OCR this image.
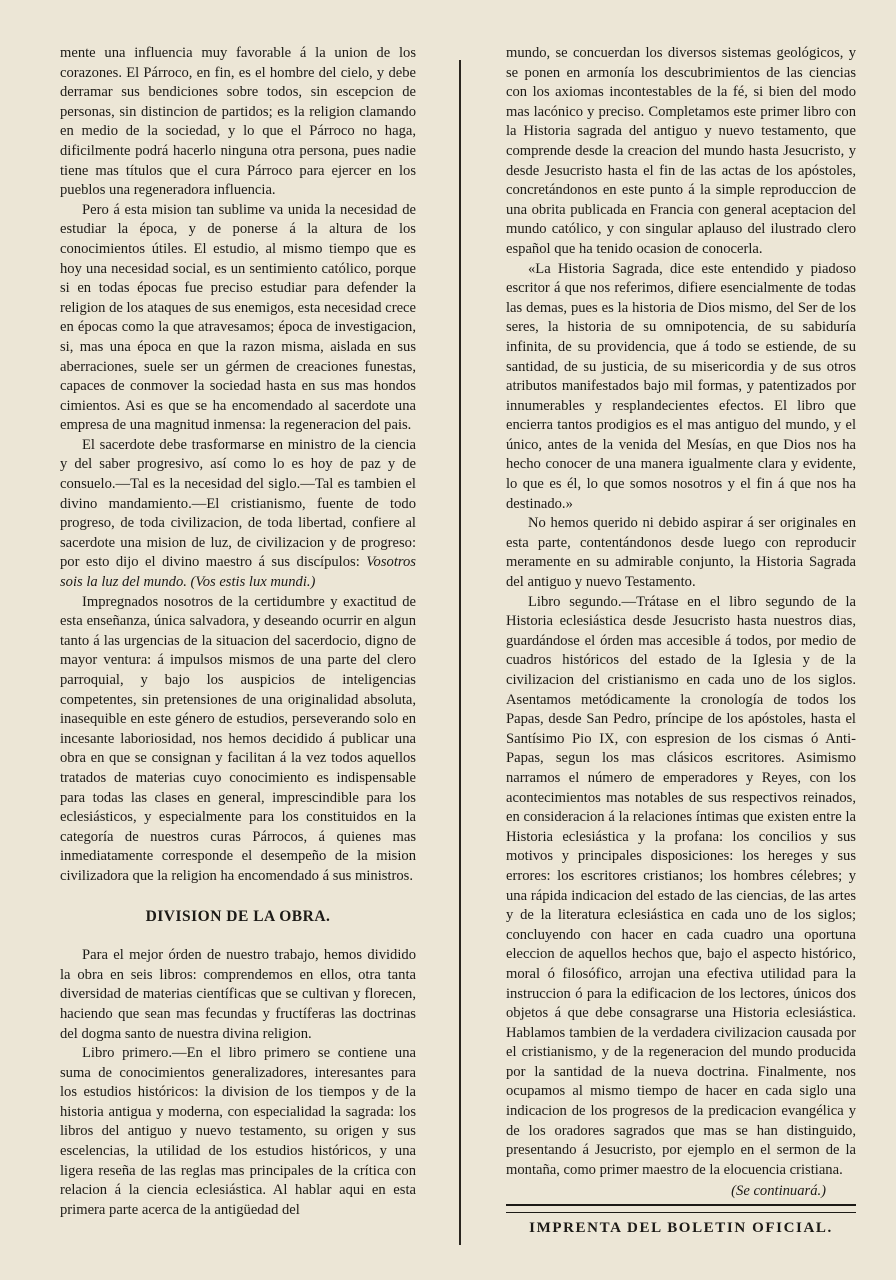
mente una influencia muy favorable á la union de los corazones. El Párroco, en fin, es el hombre del cielo, y debe derramar sus bendiciones sobre todos, sin escepcion de personas, sin distincion de partidos; es la religion clamando en medio de la sociedad, y lo que el Párroco no haga, dificilmente podrá hacerlo ninguna otra persona, pues nadie tiene mas títulos que el cura Párroco para ejercer en los pueblos una regeneradora influencia.

Pero á esta mision tan sublime va unida la necesidad de estudiar la época, y de ponerse á la altura de los conocimientos útiles. El estudio, al mismo tiempo que es hoy una necesidad social, es un sentimiento católico, porque si en todas épocas fue preciso estudiar para defender la religion de los ataques de sus enemigos, esta necesidad crece en épocas como la que atravesamos; época de investigacion, si, mas una época en que la razon misma, aislada en sus aberraciones, suele ser un gérmen de creaciones funestas, capaces de conmover la sociedad hasta en sus mas hondos cimientos. Asi es que se ha encomendado al sacerdote una empresa de una magnitud inmensa: la regeneracion del pais.

El sacerdote debe trasformarse en ministro de la ciencia y del saber progresivo, así como lo es hoy de paz y de consuelo.—Tal es la necesidad del siglo.—Tal es tambien el divino mandamiento.—El cristianismo, fuente de todo progreso, de toda civilizacion, de toda libertad, confiere al sacerdote una mision de luz, de civilizacion y de progreso: por esto dijo el divino maestro á sus discípulos: Vosotros sois la luz del mundo. (Vos estis lux mundi.)

Impregnados nosotros de la certidumbre y exactitud de esta enseñanza, única salvadora, y deseando ocurrir en algun tanto á las urgencias de la situacion del sacerdocio, digno de mayor ventura: á impulsos mismos de una parte del clero parroquial, y bajo los auspicios de inteligencias competentes, sin pretensiones de una originalidad absoluta, inasequible en este género de estudios, perseverando solo en incesante laboriosidad, nos hemos decidido á publicar una obra en que se consignan y facilitan á la vez todos aquellos tratados de materias cuyo conocimiento es indispensable para todas las clases en general, imprescindible para los eclesiásticos, y especialmente para los constituidos en la categoría de nuestros curas Párrocos, á quienes mas inmediatamente corresponde el desempeño de la mision civilizadora que la religion ha encomendado á sus ministros.

DIVISION DE LA OBRA.

Para el mejor órden de nuestro trabajo, hemos dividido la obra en seis libros: comprendemos en ellos, otra tanta diversidad de materias científicas que se cultivan y florecen, haciendo que sean mas fecundas y fructíferas las doctrinas del dogma santo de nuestra divina religion.

Libro primero.—En el libro primero se contiene una suma de conocimientos generalizadores, interesantes para los estudios históricos: la division de los tiempos y de la historia antigua y moderna, con especialidad la sagrada: los libros del antiguo y nuevo testamento, su origen y sus escelencias, la utilidad de los estudios históricos, y una ligera reseña de las reglas mas principales de la crítica con relacion á la ciencia eclesiástica. Al hablar aqui en esta primera parte acerca de la antigüedad del

mundo, se concuerdan los diversos sistemas geológicos, y se ponen en armonía los descubrimientos de las ciencias con los axiomas incontestables de la fé, si bien del modo mas lacónico y preciso. Completamos este primer libro con la Historia sagrada del antiguo y nuevo testamento, que comprende desde la creacion del mundo hasta Jesucristo, y desde Jesucristo hasta el fin de las actas de los apóstoles, concretándonos en este punto á la simple reproduccion de una obrita publicada en Francia con general aceptacion del mundo católico, y con singular aplauso del ilustrado clero español que ha tenido ocasion de conocerla.

«La Historia Sagrada, dice este entendido y piadoso escritor á que nos referimos, difiere esencialmente de todas las demas, pues es la historia de Dios mismo, del Ser de los seres, la historia de su omnipotencia, de su sabiduría infinita, de su providencia, que á todo se estiende, de su santidad, de su justicia, de su misericordia y de sus otros atributos manifestados bajo mil formas, y patentizados por innumerables y resplandecientes efectos. El libro que encierra tantos prodigios es el mas antiguo del mundo, y el único, antes de la venida del Mesías, en que Dios nos ha hecho conocer de una manera igualmente clara y evidente, lo que es él, lo que somos nosotros y el fin á que nos ha destinado.»

No hemos querido ni debido aspirar á ser originales en esta parte, contentándonos desde luego con reproducir meramente en su admirable conjunto, la Historia Sagrada del antiguo y nuevo Testamento.

Libro segundo.—Trátase en el libro segundo de la Historia eclesiástica desde Jesucristo hasta nuestros dias, guardándose el órden mas accesible á todos, por medio de cuadros históricos del estado de la Iglesia y de la civilizacion del cristianismo en cada uno de los siglos. Asentamos metódicamente la cronología de todos los Papas, desde San Pedro, príncipe de los apóstoles, hasta el Santísimo Pio IX, con espresion de los cismas ó Anti-Papas, segun los mas clásicos escritores. Asimismo narramos el número de emperadores y Reyes, con los acontecimientos mas notables de sus respectivos reinados, en consideracion á la relaciones íntimas que existen entre la Historia eclesiástica y la profana: los concilios y sus motivos y principales disposiciones: los hereges y sus errores: los escritores cristianos; los hombres célebres; y una rápida indicacion del estado de las ciencias, de las artes y de la literatura eclesiástica en cada uno de los siglos; concluyendo con hacer en cada cuadro una oportuna eleccion de aquellos hechos que, bajo el aspecto histórico, moral ó filosófico, arrojan una efectiva utilidad para la instruccion ó para la edificacion de los lectores, únicos dos objetos á que debe consagrarse una Historia eclesiástica. Hablamos tambien de la verdadera civilizacion causada por el cristianismo, y de la regeneracion del mundo producida por la santidad de la nueva doctrina. Finalmente, nos ocupamos al mismo tiempo de hacer en cada siglo una indicacion de los progresos de la predicacion evangélica y de los oradores sagrados que mas se han distinguido, presentando á Jesucristo, por ejemplo en el sermon de la montaña, como primer maestro de la elocuencia cristiana.

(Se continuará.)

IMPRENTA DEL BOLETIN OFICIAL.
